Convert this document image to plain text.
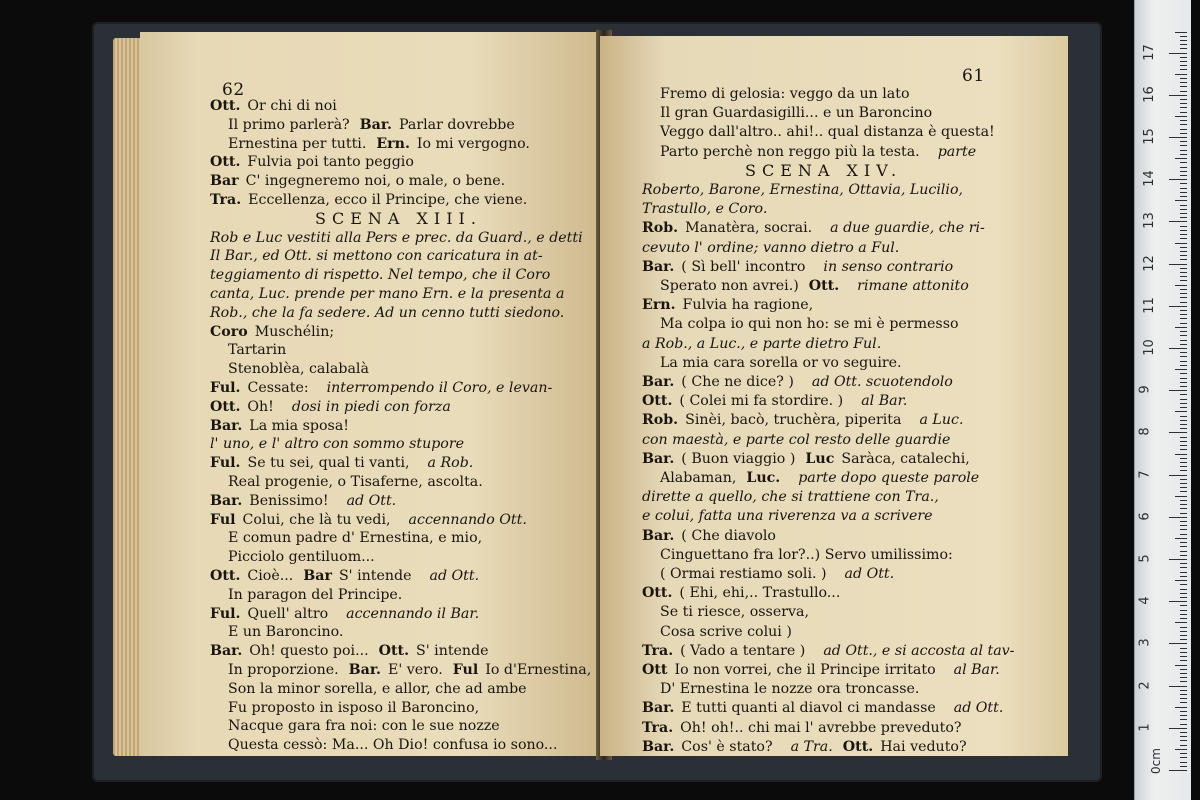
62
Ott. Or chi di noi
Il primo parlerà? Bar. Parlar dovrebbe
Ernestina per tutti. Ern. Io mi vergogno.
Ott. Fulvia poi tanto peggio
Bar C' ingegneremo noi, o male, o bene.
Tra. Eccellenza, ecco il Principe, che viene.
SCENA XIII.
Rob e Luc vestiti alla Pers e prec. da Guard., e detti
Il Bar., ed Ott. si mettono con caricatura in at-
teggiamento di rispetto. Nel tempo, che il Coro
canta, Luc. prende per mano Ern. e la presenta a
Rob., che la fa sedere. Ad un cenno tutti siedono.
Coro Muschélin;
Tartarin
Stenoblèa, calabalà
Ful. Cessate: interrompendo il Coro, e levan-
Ott. Oh! dosi in piedi con forza
Bar. La mia sposa!
l' uno, e l' altro con sommo stupore
Ful. Se tu sei, qual ti vanti, a Rob.
Real progenie, o Tisaferne, ascolta.
Bar. Benissimo! ad Ott.
Ful Colui, che là tu vedi, accennando Ott.
E comun padre d' Ernestina, e mio,
Picciolo gentiluom...
Ott. Cioè... Bar S' intende ad Ott.
In paragon del Principe.
Ful. Quell' altro accennando il Bar.
E un Baroncino.
Bar. Oh! questo poi... Ott. S' intende
In proporzione. Bar. E' vero. Ful Io d'Ernestina,
Son la minor sorella, e allor, che ad ambe
Fu proposto in isposo il Baroncino,
Nacque gara fra noi: con le sue nozze
Questa cessò: Ma... Oh Dio! confusa io sono...
61
Fremo di gelosia: veggo da un lato
Il gran Guardasigilli... e un Baroncino
Veggo dall'altro.. ahi!.. qual distanza è questa!
Parto perchè non reggo più la testa. parte
SCENA XIV.
Roberto, Barone, Ernestina, Ottavia, Lucilio,
Trastullo, e Coro.
Rob. Manatèra, socrai. a due guardie, che ri-
cevuto l' ordine; vanno dietro a Ful.
Bar. ( Sì bell' incontro in senso contrario
Sperato non avrei.) Ott. rimane attonito
Ern. Fulvia ha ragione,
Ma colpa io qui non ho: se mi è permesso
a Rob., a Luc., e parte dietro Ful.
La mia cara sorella or vo seguire.
Bar. ( Che ne dice? ) ad Ott. scuotendolo
Ott. ( Colei mi fa stordire. ) al Bar.
Rob. Sinèi, bacò, truchèra, piperita a Luc.
con maestà, e parte col resto delle guardie
Bar. ( Buon viaggio ) Luc Saràca, catalechi,
Alabaman, Luc. parte dopo queste parole
dirette a quello, che si trattiene con Tra.,
e colui, fatta una riverenza va a scrivere
Bar. ( Che diavolo
Cinguettano fra lor?..) Servo umilissimo:
( Ormai restiamo soli. ) ad Ott.
Ott. ( Ehi, ehi,.. Trastullo...
Se ti riesce, osserva,
Cosa scrive colui )
Tra. ( Vado a tentare ) ad Ott., e si accosta al tav-
Ott Io non vorrei, che il Principe irritato al Bar.
D' Ernestina le nozze ora troncasse.
Bar. E tutti quanti al diavol ci mandasse ad Ott.
Tra. Oh! oh!.. chi mai l' avrebbe preveduto?
Bar. Cos' è stato? a Tra. Ott. Hai veduto?
0cm
1
2
3
4
5
6
7
8
9
10
11
12
13
14
15
16
17
